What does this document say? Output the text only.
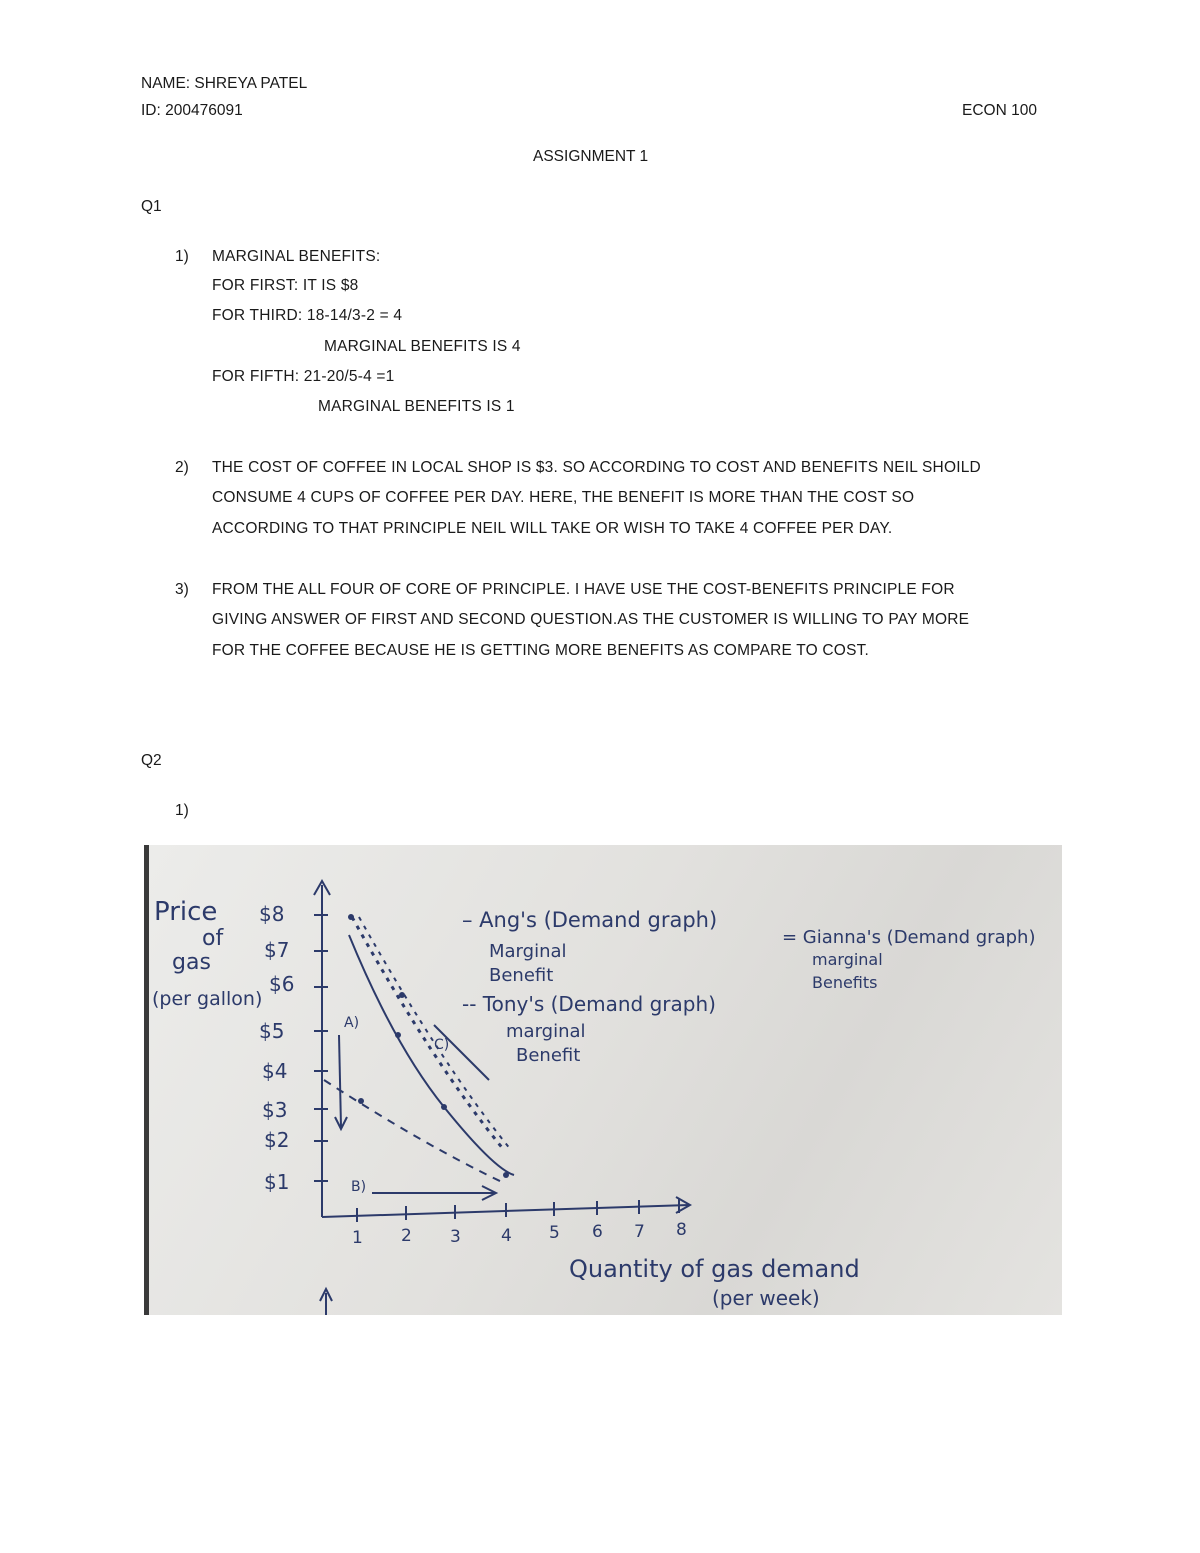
NAME: SHREYA PATEL
ID: 200476091	ECON 100
ASSIGNMENT 1
Q1
1) MARGINAL BENEFITS:
FOR FIRST: IT IS $8
FOR THIRD: 18-14/3-2 = 4
MARGINAL BENEFITS IS 4
FOR FIFTH: 21-20/5-4 =1
MARGINAL BENEFITS IS 1
2) THE COST OF COFFEE IN LOCAL SHOP IS $3. SO ACCORDING TO COST AND BENEFITS NEIL SHOILD
CONSUME 4 CUPS OF COFFEE PER DAY. HERE, THE BENEFIT IS MORE THAN THE COST SO
ACCORDING TO THAT PRINCIPLE NEIL WILL TAKE OR WISH TO TAKE 4 COFFEE PER DAY.
3) FROM THE ALL FOUR OF CORE OF PRINCIPLE. I HAVE USE THE COST-BENEFITS PRINCIPLE FOR
GIVING ANSWER OF FIRST AND SECOND QUESTION.AS THE CUSTOMER IS WILLING TO PAY MORE
FOR THE COFFEE BECAUSE HE IS GETTING MORE BENEFITS AS COMPARE TO COST.
Q2
1)
Price
of
gas
(per gallon)
$8
$7
$6
$5
$4
$3
$2
$1
1 2 3 4 5 6 7 8
Quantity of gas demand
(per week)
– Ang's (Demand graph)
Marginal
Benefit
-- Tony's (Demand graph)
marginal
Benefit
= Gianna's (Demand graph)
marginal
Benefits
A)
B)
C)
